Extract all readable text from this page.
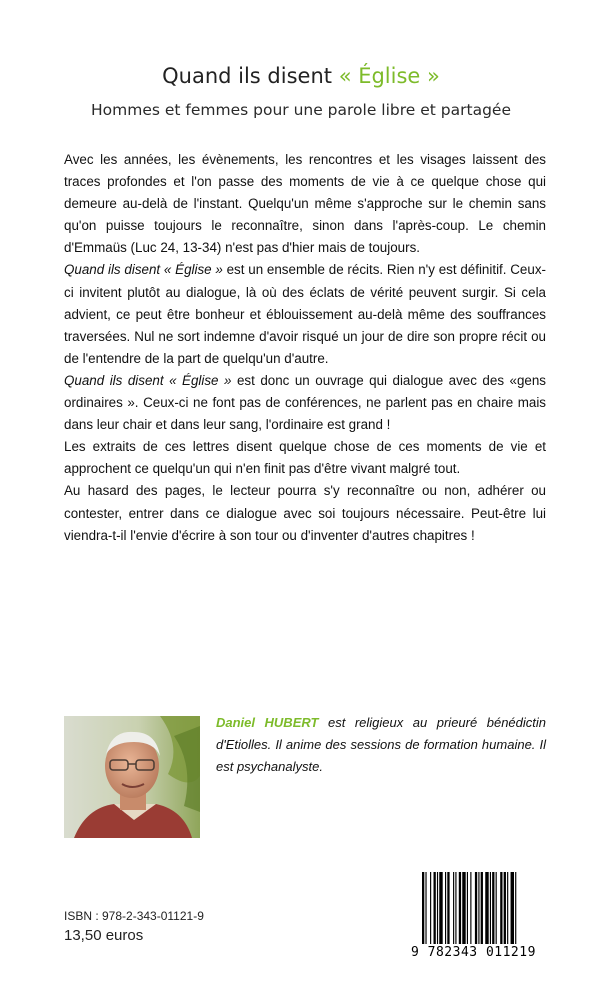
Quand ils disent « Église »
Hommes et femmes pour une parole libre et partagée

Avec les années, les évènements, les rencontres et les visages laissent des traces profondes et l'on passe des moments de vie à ce quelque chose qui demeure au-delà de l'instant. Quelqu'un même s'approche sur le chemin sans qu'on puisse toujours le reconnaître, sinon dans l'après-coup. Le chemin d'Emmaüs (Luc 24, 13-34) n'est pas d'hier mais de toujours.

Quand ils disent « Église » est un ensemble de récits. Rien n'y est définitif. Ceux-ci invitent plutôt au dialogue, là où des éclats de vérité peuvent surgir. Si cela advient, ce peut être bonheur et éblouissement au-delà même des souffrances traversées. Nul ne sort indemne d'avoir risqué un jour de dire son propre récit ou de l'entendre de la part de quelqu'un d'autre.

Quand ils disent « Église » est donc un ouvrage qui dialogue avec des «gens ordinaires ». Ceux-ci ne font pas de conférences, ne parlent pas en chaire mais dans leur chair et dans leur sang, l'ordinaire est grand !

Les extraits de ces lettres disent quelque chose de ces moments de vie et approchent ce quelqu'un qui n'en finit pas d'être vivant malgré tout.

Au hasard des pages, le lecteur pourra s'y reconnaître ou non, adhérer ou contester, entrer dans ce dialogue avec soi toujours nécessaire. Peut-être lui viendra-t-il l'envie d'écrire à son tour ou d'inventer d'autres chapitres !

Daniel HUBERT est religieux au prieuré bénédictin d'Etiolles. Il anime des sessions de formation humaine. Il est psychanalyste.
ISBN : 978-2-343-01121-9
13,50 euros
9 782343 011219
